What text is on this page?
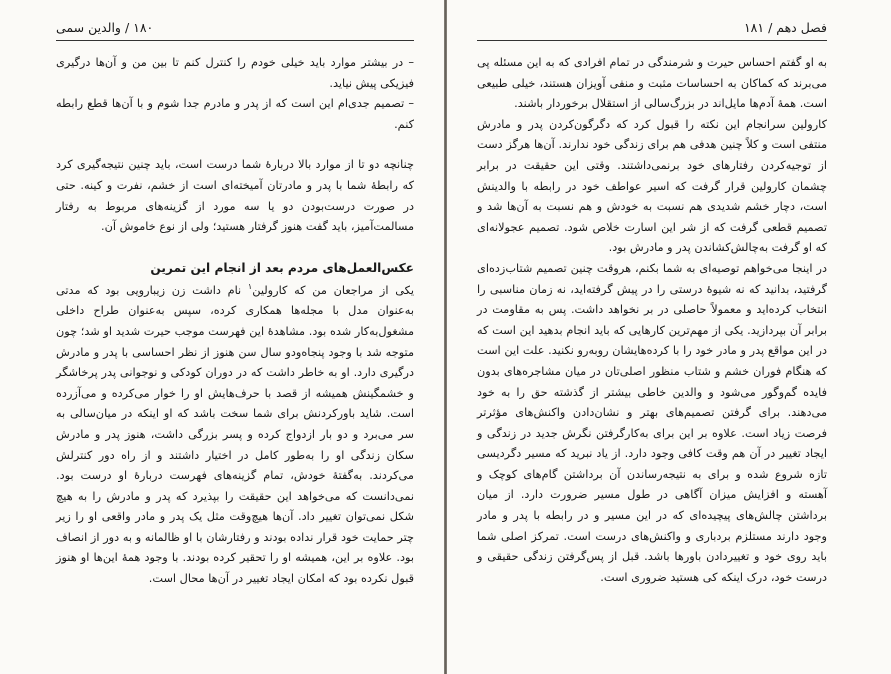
۱۸۰ / والدین سمی

– در بیشتر موارد باید خیلی خودم را کنترل کنم تا بین من و آن‌ها درگیری فیزیکی پیش نیاید.

– تصمیم جدی‌ام این است که از پدر و مادرم جدا شوم و با آن‌ها قطع رابطه کنم.

چنانچه دو تا از موارد بالا دربارهٔ شما درست است، باید چنین نتیجه‌گیری کرد که رابطهٔ شما با پدر و مادرتان آمیخته‌ای است از خشم، نفرت و کینه. حتی در صورت درست‌بودن دو یا سه مورد از گزینه‌های مربوط به رفتار مسالمت‌آمیز، باید گفت هنوز گرفتار هستید؛ ولی از نوع خاموش آن.

عکس‌العمل‌های مردم بعد از انجام این تمرین

یکی از مراجعان من که کارولین$^۱$ نام داشت زن زیبارویی بود که مدتی به‌عنوان مدل با مجله‌ها همکاری کرده، سپس به‌عنوان طراح داخلی مشغول‌به‌کار شده بود. مشاهدهٔ این فهرست موجب حیرت شدید او شد؛ چون متوجه شد با وجود پنجاه‌ودو سال سن هنوز از نظر احساسی با پدر و مادرش درگیری دارد. او به خاطر داشت که در دوران کودکی و نوجوانی پدر پرخاشگر و خشمگینش همیشه از قصد با حرف‌هایش او را خوار می‌کرده و می‌آزرده است. شاید باورکردنش برای شما سخت باشد که او اینکه در میان‌سالی به سر می‌برد و دو بار ازدواج کرده و پسر بزرگی داشت، هنوز پدر و مادرش سکان زندگی او را به‌طور کامل در اختیار داشتند و از راه دور کنترلش می‌کردند. به‌گفتهٔ خودش، تمام گزینه‌های فهرست دربارهٔ او درست بود. نمی‌دانست که می‌خواهد این حقیقت را بپذیرد که پدر و مادرش را به هیچ شکل نمی‌توان تغییر داد. آن‌ها هیچ‌وقت مثل یک پدر و مادر واقعی او را زیر چتر حمایت خود قرار نداده بودند و رفتارشان با او ظالمانه و به دور از انصاف بود. علاوه بر این، همیشه او را تحقیر کرده بودند. با وجود همهٔ این‌ها او هنوز قبول نکرده بود که امکان ایجاد تغییر در آن‌ها محال است.

فصل دهم / ۱۸۱

به او گفتم احساس حیرت و شرمندگی در تمام افرادی که به این مسئله پی می‌برند که کماکان به احساسات مثبت و منفی آویزان هستند، خیلی طبیعی است. همهٔ آدم‌ها مایل‌اند در بزرگ‌سالی از استقلال برخوردار باشند.

کارولین سرانجام این نکته را قبول کرد که دگرگون‌کردن پدر و مادرش منتفی است و کلاً چنین هدفی هم برای زندگی خود ندارند. آن‌ها هرگز دست از توجیه‌کردن رفتارهای خود برنمی‌داشتند. وقتی این حقیقت در برابر چشمان کارولین قرار گرفت که اسیر عواطف خود در رابطه با والدینش است، دچار خشم شدیدی هم نسبت به خودش و هم نسبت به آن‌ها شد و تصمیم قطعی گرفت که از شر این اسارت خلاص شود. تصمیم عجولانه‌ای که او گرفت به‌چالش‌کشاندن پدر و مادرش بود.

در اینجا می‌خواهم توصیه‌ای به شما بکنم، هروقت چنین تصمیم شتاب‌زده‌ای گرفتید، بدانید که نه شیوهٔ درستی را در پیش گرفته‌اید، نه زمان مناسبی را انتخاب کرده‌اید و معمولاً حاصلی در بر نخواهد داشت. پس به مقاومت در برابر آن بپردازید. یکی از مهم‌ترین کارهایی که باید انجام بدهید این است که در این مواقع پدر و مادر خود را با کرده‌هایشان روبه‌رو نکنید. علت این است که هنگام فوران خشم و شتاب منظور اصلی‌تان در میان مشاجره‌های بدون فایده گم‌وگور می‌شود و والدین خاطی بیشتر از گذشته حق را به خود می‌دهند. برای گرفتن تصمیم‌های بهتر و نشان‌دادن واکنش‌های مؤثرتر فرصت زیاد است. علاوه بر این برای به‌کارگرفتن نگرش جدید در زندگی و ایجاد تغییر در آن هم وقت کافی وجود دارد. از یاد نبرید که مسیر دگردیسی تازه شروع شده و برای به نتیجه‌رساندن آن برداشتن گام‌های کوچک و آهسته و افزایش میزان آگاهی در طول مسیر ضرورت دارد. از میان برداشتن چالش‌های پیچیده‌ای که در این مسیر و در رابطه با پدر و مادر وجود دارند مستلزم بردباری و واکنش‌های درست است. تمرکز اصلی شما باید روی خود و تغییردادن باورها باشد. قبل از پس‌گرفتن زندگی حقیقی و درست خود، درک اینکه کی هستید ضروری است.
